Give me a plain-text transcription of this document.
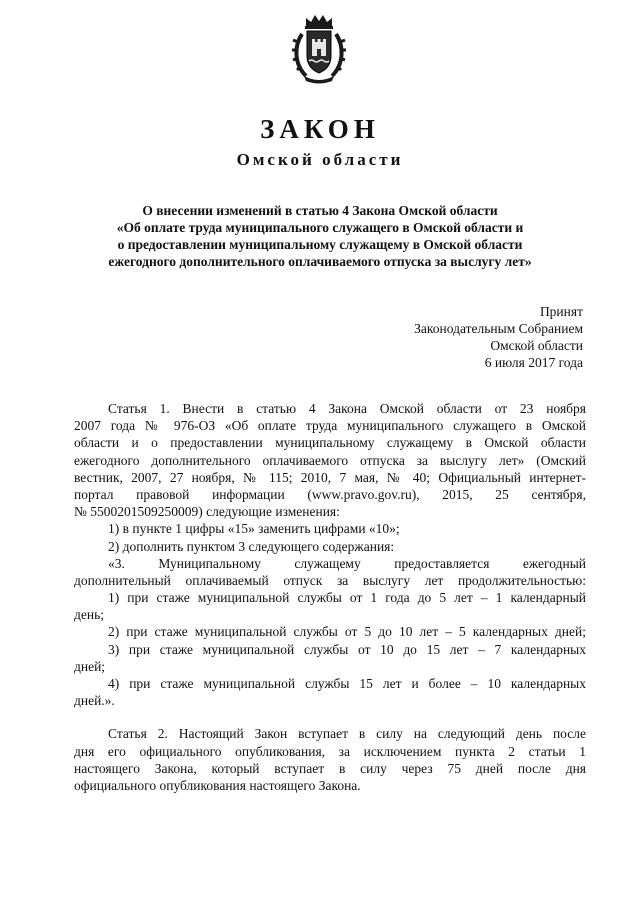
ЗАКОН
Омской области
О внесении изменений в статью 4 Закона Омской области
«Об оплате труда муниципального служащего в Омской области и
о предоставлении муниципальному служащему в Омской области
ежегодного дополнительного оплачиваемого отпуска за выслугу лет»
Принят
Законодательным Собранием
Омской области
6 июля 2017 года
Статья 1. Внести в статью 4 Закона Омской области от 23 ноября
2007 года № 976-ОЗ «Об оплате труда муниципального служащего в Омской
области и о предоставлении муниципальному служащему в Омской области
ежегодного дополнительного оплачиваемого отпуска за выслугу лет» (Омский
вестник, 2007, 27 ноября, № 115; 2010, 7 мая, № 40; Официальный интернет-
портал правовой информации (www.pravo.gov.ru), 2015, 25 сентября,
№ 5500201509250009) следующие изменения:
1) в пункте 1 цифры «15» заменить цифрами «10»;
2) дополнить пунктом 3 следующего содержания:
«3. Муниципальному служащему предоставляется ежегодный
дополнительный оплачиваемый отпуск за выслугу лет продолжительностью:
1) при стаже муниципальной службы от 1 года до 5 лет – 1 календарный
день;
2) при стаже муниципальной службы от 5 до 10 лет – 5 календарных дней;
3) при стаже муниципальной службы от 10 до 15 лет – 7 календарных
дней;
4) при стаже муниципальной службы 15 лет и более – 10 календарных
дней.».
Статья 2. Настоящий Закон вступает в силу на следующий день после
дня его официального опубликования, за исключением пункта 2 статьи 1
настоящего Закона, который вступает в силу через 75 дней после дня
официального опубликования настоящего Закона.
